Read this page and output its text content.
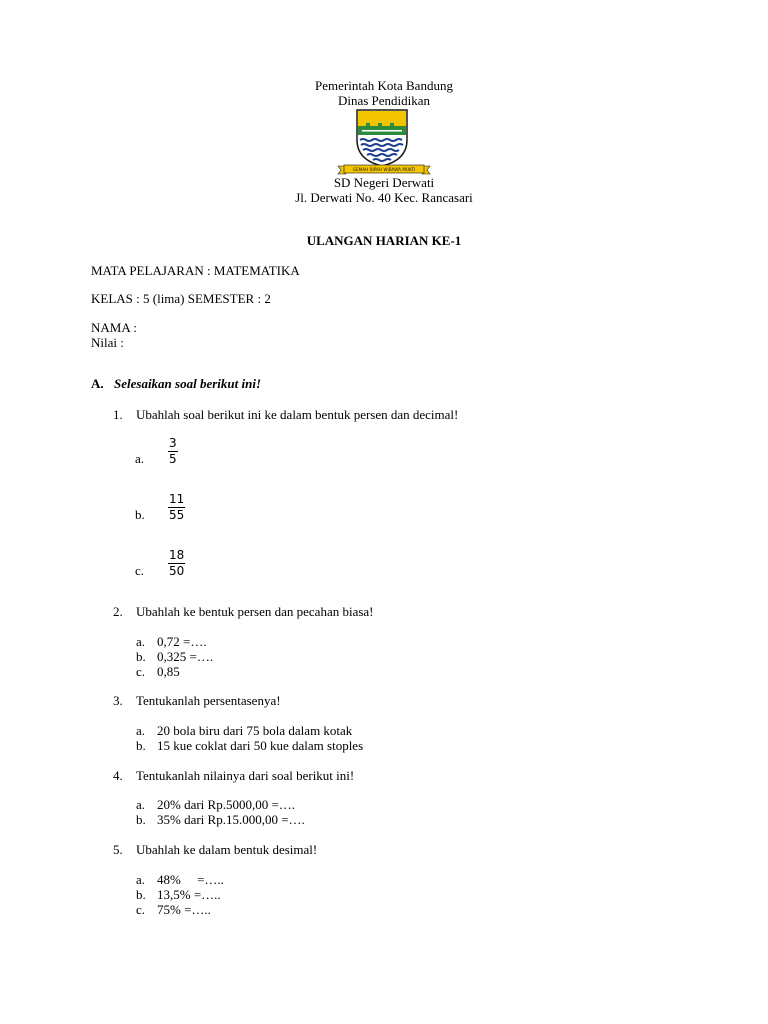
Pemerintah Kota Bandung
Dinas Pendidikan
GEMAH RIPAH WIBAWA MUKTI
SD Negeri Derwati
Jl. Derwati No. 40 Kec. Rancasari
ULANGAN HARIAN KE-1
MATA PELAJARAN : MATEMATIKA
KELAS : 5 (lima) SEMESTER : 2
NAMA :
Nilai :
A. Selesaikan soal berikut ini!
1. Ubahlah soal berikut ini ke dalam bentuk persen dan decimal!
a. $\frac{3}{5}$
b. $\frac{11}{55}$
c. $\frac{18}{50}$
2. Ubahlah ke bentuk persen dan pecahan biasa!
a. 0,72 =….
b. 0,325 =….
c. 0,85
3. Tentukanlah persentasenya!
a. 20 bola biru dari 75 bola dalam kotak
b. 15 kue coklat dari 50 kue dalam stoples
4. Tentukanlah nilainya dari soal berikut ini!
a. 20% dari Rp.5000,00 =….
b. 35% dari Rp.15.000,00 =….
5. Ubahlah ke dalam bentuk desimal!
a. 48%     =…..
b. 13,5% =…..
c. 75% =…..
